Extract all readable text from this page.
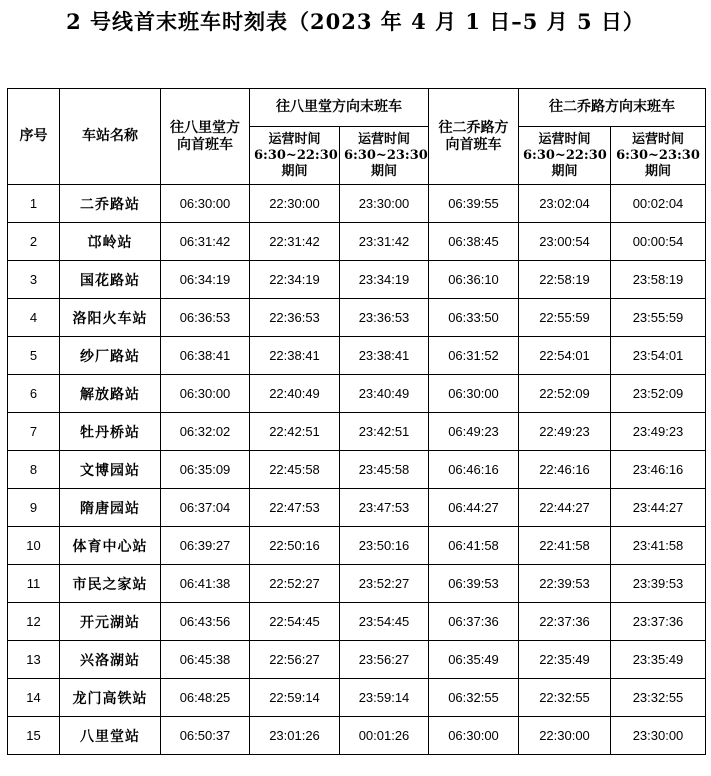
2 号线首末班车时刻表（2023 年 4 月 1 日–5 月 5 日）
序号	车站名称	往八里堂方向首班车	往八里堂方向末班车		往二乔路方向首班车	往二乔路方向末班车	
			运营时间 6:30~22:30 期间	运营时间 6:30~23:30 期间		运营时间 6:30~22:30 期间	运营时间 6:30~23:30 期间
1	二乔路站	06:30:00	22:30:00	23:30:00	06:39:55	23:02:04	00:02:04
2	邙岭站	06:31:42	22:31:42	23:31:42	06:38:45	23:00:54	00:00:54
3	国花路站	06:34:19	22:34:19	23:34:19	06:36:10	22:58:19	23:58:19
4	洛阳火车站	06:36:53	22:36:53	23:36:53	06:33:50	22:55:59	23:55:59
5	纱厂路站	06:38:41	22:38:41	23:38:41	06:31:52	22:54:01	23:54:01
6	解放路站	06:30:00	22:40:49	23:40:49	06:30:00	22:52:09	23:52:09
7	牡丹桥站	06:32:02	22:42:51	23:42:51	06:49:23	22:49:23	23:49:23
8	文博园站	06:35:09	22:45:58	23:45:58	06:46:16	22:46:16	23:46:16
9	隋唐园站	06:37:04	22:47:53	23:47:53	06:44:27	22:44:27	23:44:27
10	体育中心站	06:39:27	22:50:16	23:50:16	06:41:58	22:41:58	23:41:58
11	市民之家站	06:41:38	22:52:27	23:52:27	06:39:53	22:39:53	23:39:53
12	开元湖站	06:43:56	22:54:45	23:54:45	06:37:36	22:37:36	23:37:36
13	兴洛湖站	06:45:38	22:56:27	23:56:27	06:35:49	22:35:49	23:35:49
14	龙门高铁站	06:48:25	22:59:14	23:59:14	06:32:55	22:32:55	23:32:55
15	八里堂站	06:50:37	23:01:26	00:01:26	06:30:00	22:30:00	23:30:00
